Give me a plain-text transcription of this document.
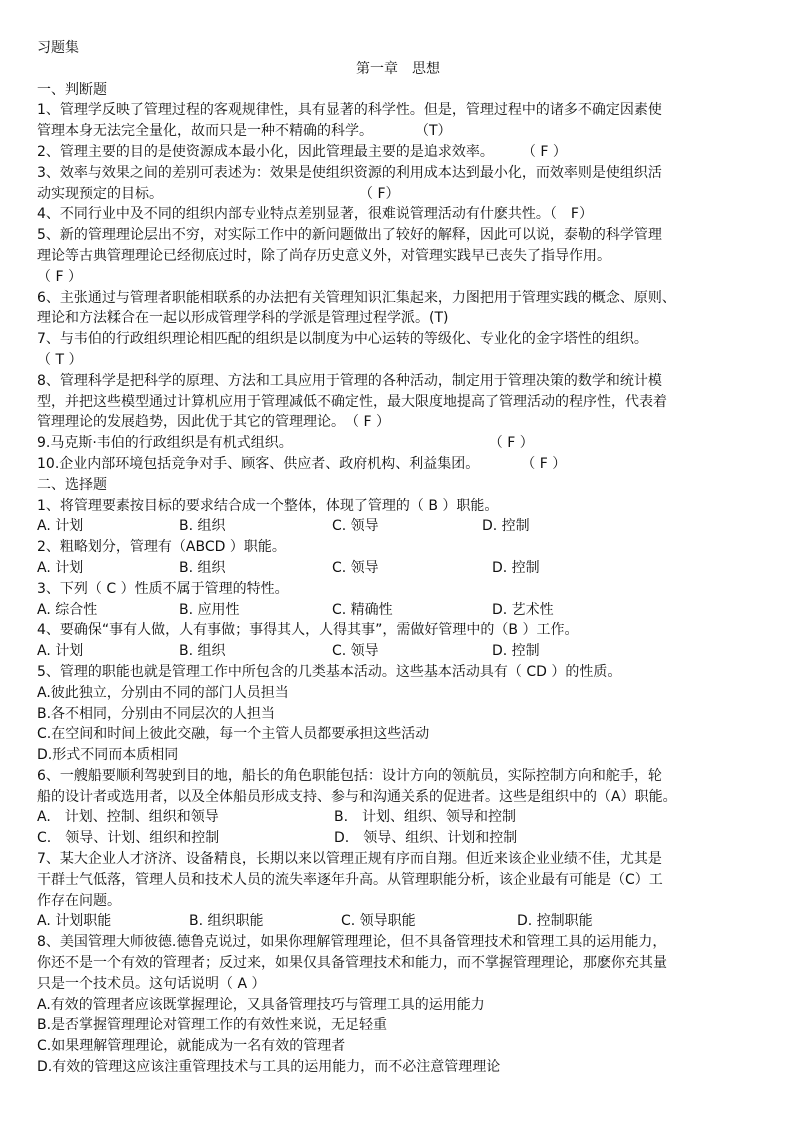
习题集
第一章　思想
一、判断题
1、管理学反映了管理过程的客观规律性，具有显著的科学性。但是，管理过程中的诸多不确定因素使
管理本身无法完全量化，故而只是一种不精确的科学。　　　　（T）
2、管理主要的目的是使资源成本最小化，因此管理最主要的是追求效率。　　　（ F ）
3、效率与效果之间的差别可表述为：效果是使组织资源的利用成本达到最小化，而效率则是使组织活
动实现预定的目标。　　　　　　　　　　　　　　　（ F）
4、不同行业中及不同的组织内部专业特点差别显著，很难说管理活动有什麽共性。（　F）
5、新的管理理论层出不穷，对实际工作中的新问题做出了较好的解释，因此可以说，泰勒的科学管理
理论等古典管理理论已经彻底过时，除了尚存历史意义外，对管理实践早已丧失了指导作用。
（ F ）
6、主张通过与管理者职能相联系的办法把有关管理知识汇集起来，力图把用于管理实践的概念、原则、
理论和方法糅合在一起以形成管理学科的学派是管理过程学派。(T)
7、与韦伯的行政组织理论相匹配的组织是以制度为中心运转的等级化、专业化的金字塔性的组织。
（ T ）
8、管理科学是把科学的原理、方法和工具应用于管理的各种活动，制定用于管理决策的数学和统计模
型，并把这些模型通过计算机应用于管理减低不确定性，最大限度地提高了管理活动的程序性，代表着
管理理论的发展趋势，因此优于其它的管理理论。　（ F ）
9.马克斯·韦伯的行政组织是有机式组织。　　　　　　　　　　　　　　　（ F ）
10.企业内部环境包括竞争对手、顾客、供应者、政府机构、利益集团。　　　　（ F ）
二、选择题
1、将管理要素按目标的要求结合成一个整体，体现了管理的（ B ）职能。
A. 计划	B. 组织	C. 领导	D. 控制
2、粗略划分，管理有（ABCD ）职能。
A. 计划	B. 组织	C. 领导	D. 控制
3、下列（ C ）性质不属于管理的特性。
A. 综合性	B. 应用性	C. 精确性	D. 艺术性
4、要确保“事有人做，人有事做；事得其人，人得其事”，需做好管理中的（B ）工作。
A. 计划	B. 组织	C. 领导	D. 控制
5、管理的职能也就是管理工作中所包含的几类基本活动。这些基本活动具有（ CD ）的性质。
A.彼此独立，分别由不同的部门人员担当
B.各不相同，分别由不同层次的人担当
C.在空间和时间上彼此交融，每一个主管人员都要承担这些活动
D.形式不同而本质相同
6、一艘船要顺利驾驶到目的地，船长的角色职能包括：设计方向的领航员，实际控制方向和舵手，轮
船的设计者或选用者，以及全体船员形成支持、参与和沟通关系的促进者。这些是组织中的（A）职能。
A.　计划、控制、组织和领导	B.　计划、组织、领导和控制
C.　领导、计划、组织和控制	D.　领导、组织、计划和控制
7、某大企业人才济济、设备精良，长期以来以管理正规有序而自翔。但近来该企业业绩不佳，尤其是
干群士气低落，管理人员和技术人员的流失率逐年升高。从管理职能分析，该企业最有可能是（C）工
作存在问题。
A. 计划职能	B. 组织职能	C. 领导职能	D. 控制职能
8、美国管理大师彼德.德鲁克说过，如果你理解管理理论，但不具备管理技术和管理工具的运用能力，
你还不是一个有效的管理者；反过来，如果仅具备管理技术和能力，而不掌握管理理论，那麽你充其量
只是一个技术员。这句话说明（ A ）
A.有效的管理者应该既掌握理论，又具备管理技巧与管理工具的运用能力
B.是否掌握管理理论对管理工作的有效性来说，无足轻重
C.如果理解管理理论，就能成为一名有效的管理者
D.有效的管理这应该注重管理技术与工具的运用能力，而不必注意管理理论
